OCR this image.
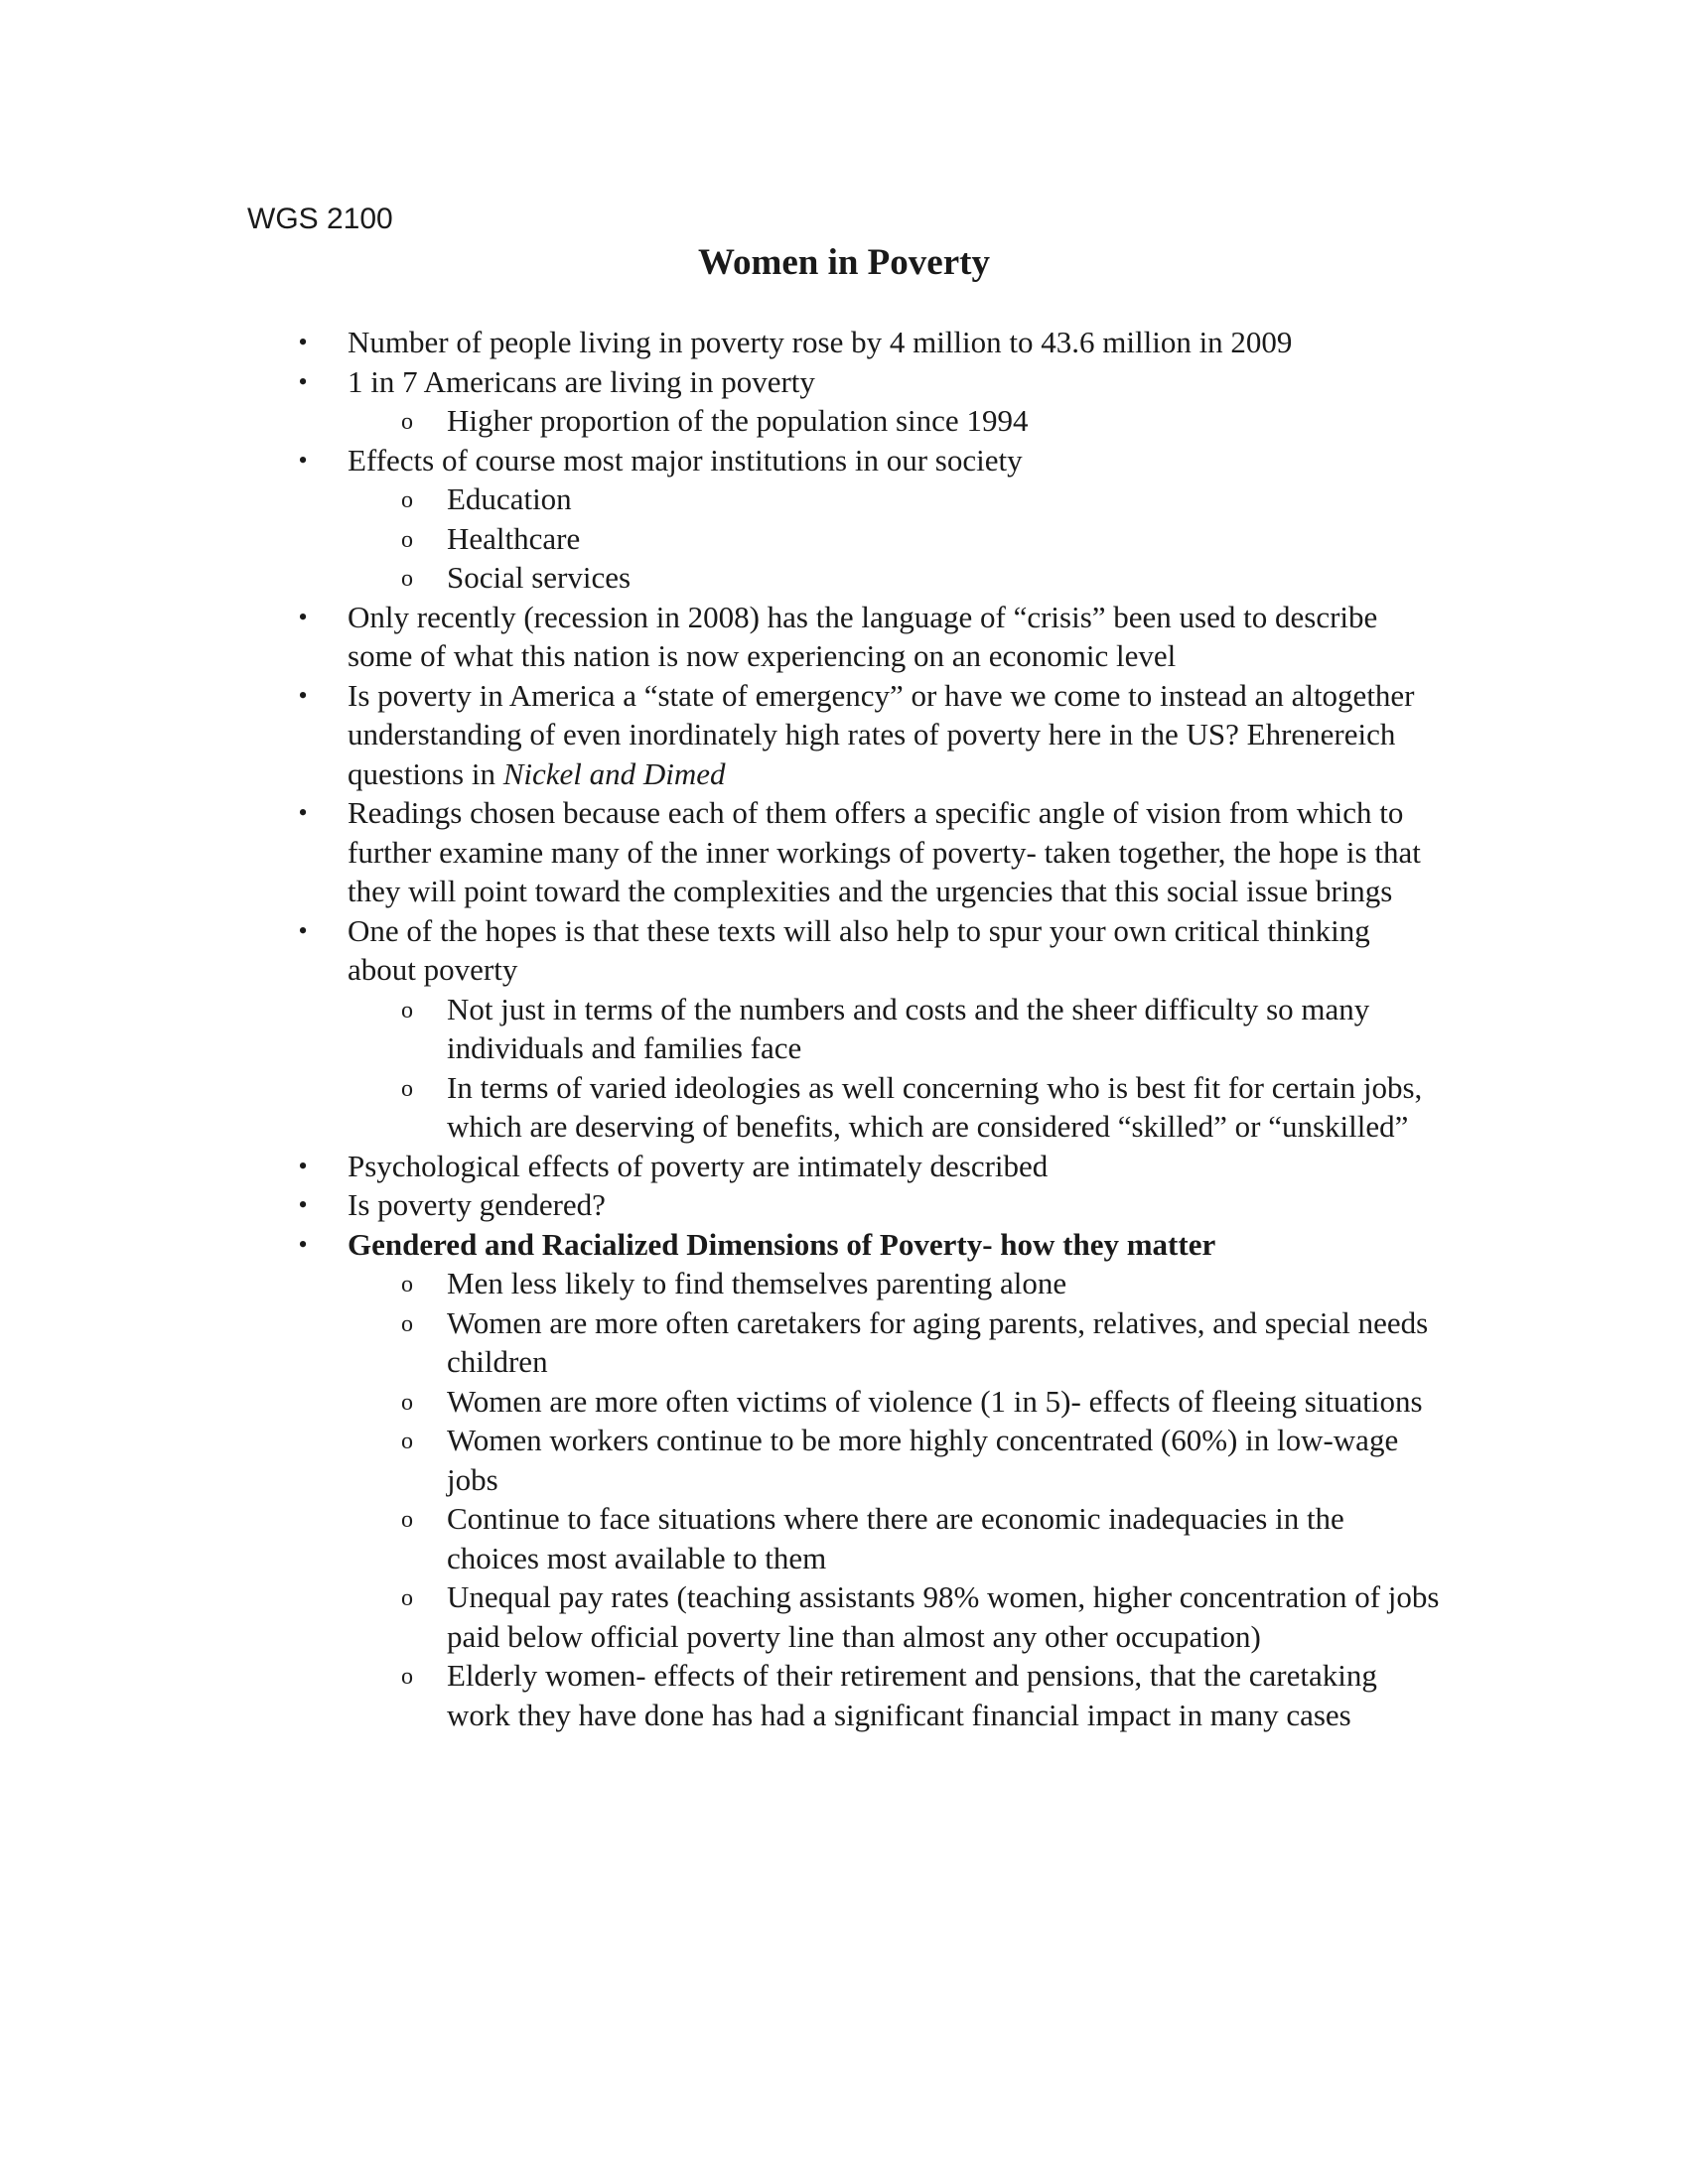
WGS 2100
Women in Poverty
•	Number of people living in poverty rose by 4 million to 43.6 million in 2009
•	1 in 7 Americans are living in poverty
o Higher proportion of the population since 1994
•	Effects of course most major institutions in our society
o Education
o Healthcare
o Social services
•	Only recently (recession in 2008) has the language of “crisis” been used to describe some of what this nation is now experiencing on an economic level
•	Is poverty in America a “state of emergency” or have we come to instead an altogether understanding of even inordinately high rates of poverty here in the US? Ehrenereich questions in Nickel and Dimed
•	Readings chosen because each of them offers a specific angle of vision from which to further examine many of the inner workings of poverty- taken together, the hope is that they will point toward the complexities and the urgencies that this social issue brings
•	One of the hopes is that these texts will also help to spur your own critical thinking about poverty
o Not just in terms of the numbers and costs and the sheer difficulty so many individuals and families face
o In terms of varied ideologies as well concerning who is best fit for certain jobs, which are deserving of benefits, which are considered “skilled” or “unskilled”
•	Psychological effects of poverty are intimately described
•	Is poverty gendered?
•	Gendered and Racialized Dimensions of Poverty- how they matter
o Men less likely to find themselves parenting alone
o Women are more often caretakers for aging parents, relatives, and special needs children
o Women are more often victims of violence (1 in 5)- effects of fleeing situations
o Women workers continue to be more highly concentrated (60%) in low-wage jobs
o Continue to face situations where there are economic inadequacies in the choices most available to them
o Unequal pay rates (teaching assistants 98% women, higher concentration of jobs paid below official poverty line than almost any other occupation)
o Elderly women- effects of their retirement and pensions, that the caretaking work they have done has had a significant financial impact in many cases
